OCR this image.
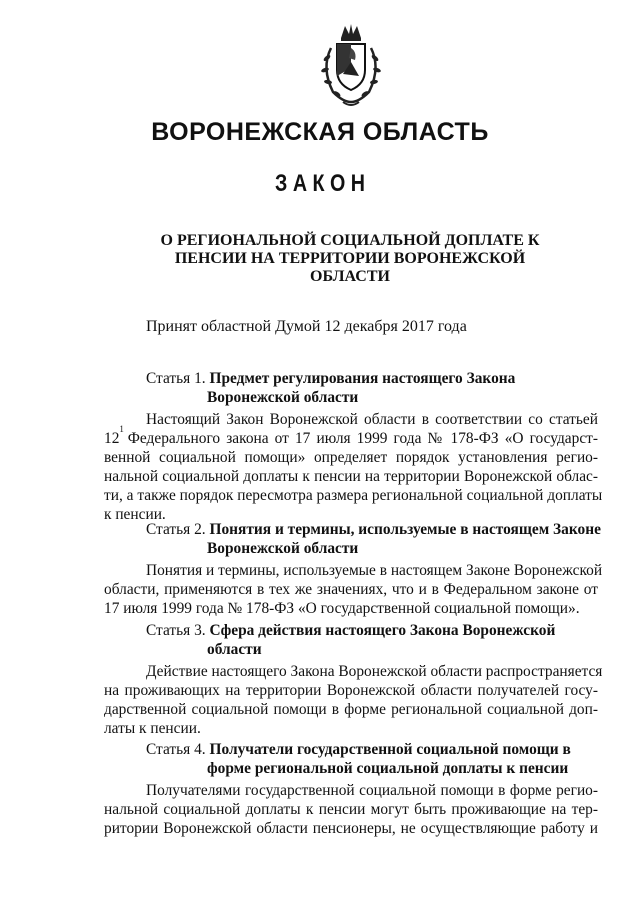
ВОРОНЕЖСКАЯ ОБЛАСТЬ
З А К О Н
О РЕГИОНАЛЬНОЙ СОЦИАЛЬНОЙ ДОПЛАТЕ К
ПЕНСИИ НА ТЕРРИТОРИИ ВОРОНЕЖСКОЙ
ОБЛАСТИ
Принят областной Думой 12 декабря 2017 года
Статья 1. Предмет регулирования настоящего Закона
Воронежской области
Настоящий Закон Воронежской области в соответствии со статьей
12
1

Федерального закона от 17 июля 1999 года № 178-ФЗ «О государст-
венной социальной помощи» определяет порядок установления регио-
нальной социальной доплаты к пенсии на территории Воронежской облас-
ти, а также порядок пересмотра размера региональной социальной доплаты
к пенсии.
Статья 2. Понятия и термины, используемые в настоящем Законе
Воронежской области
Понятия и термины, используемые в настоящем Законе Воронежской
области, применяются в тех же значениях, что и в Федеральном законе от
17 июля 1999 года № 178-ФЗ «О государственной социальной помощи».
Статья 3. Сфера действия настоящего Закона Воронежской
области
Действие настоящего Закона Воронежской области распространяется
на проживающих на территории Воронежской области получателей госу-
дарственной социальной помощи в форме региональной социальной доп-
латы к пенсии.
Статья 4. Получатели государственной социальной помощи в
форме региональной социальной доплаты к пенсии
Получателями государственной социальной помощи в форме регио-
нальной социальной доплаты к пенсии могут быть проживающие на тер-
ритории Воронежской области пенсионеры, не осуществляющие работу и
